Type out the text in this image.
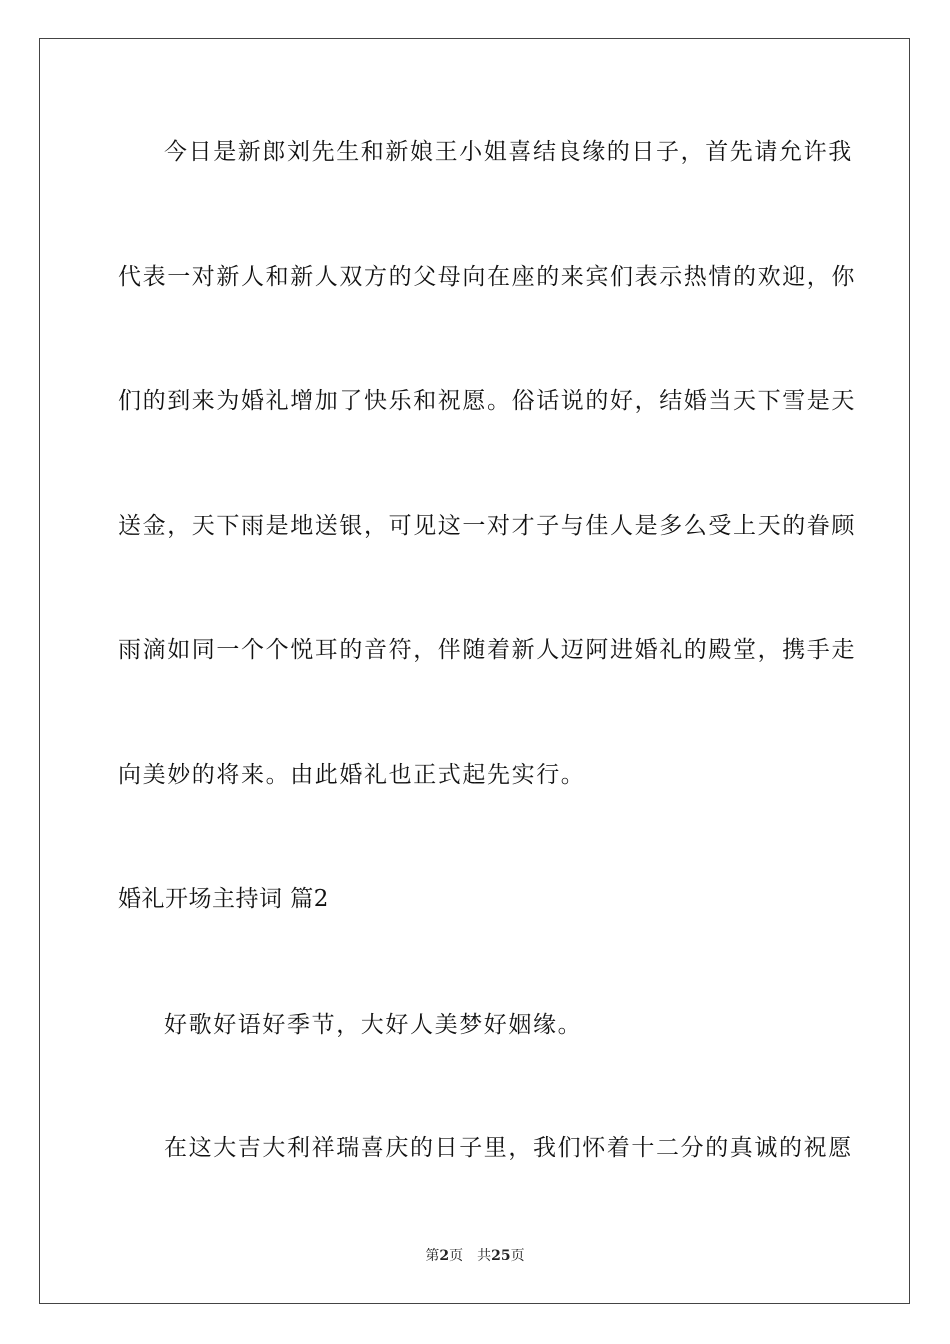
今日是新郎刘先生和新娘王小姐喜结良缘的日子，首先请允许我
代表一对新人和新人双方的父母向在座的来宾们表示热情的欢迎，你
们的到来为婚礼增加了快乐和祝愿。俗话说的好，结婚当天下雪是天
送金，天下雨是地送银，可见这一对才子与佳人是多么受上天的眷顾
雨滴如同一个个悦耳的音符，伴随着新人迈阿进婚礼的殿堂，携手走
向美妙的将来。由此婚礼也正式起先实行。
婚礼开场主持词 篇2
好歌好语好季节，大好人美梦好姻缘。
在这大吉大利祥瑞喜庆的日子里，我们怀着十二分的真诚的祝愿
第2页 共25页
